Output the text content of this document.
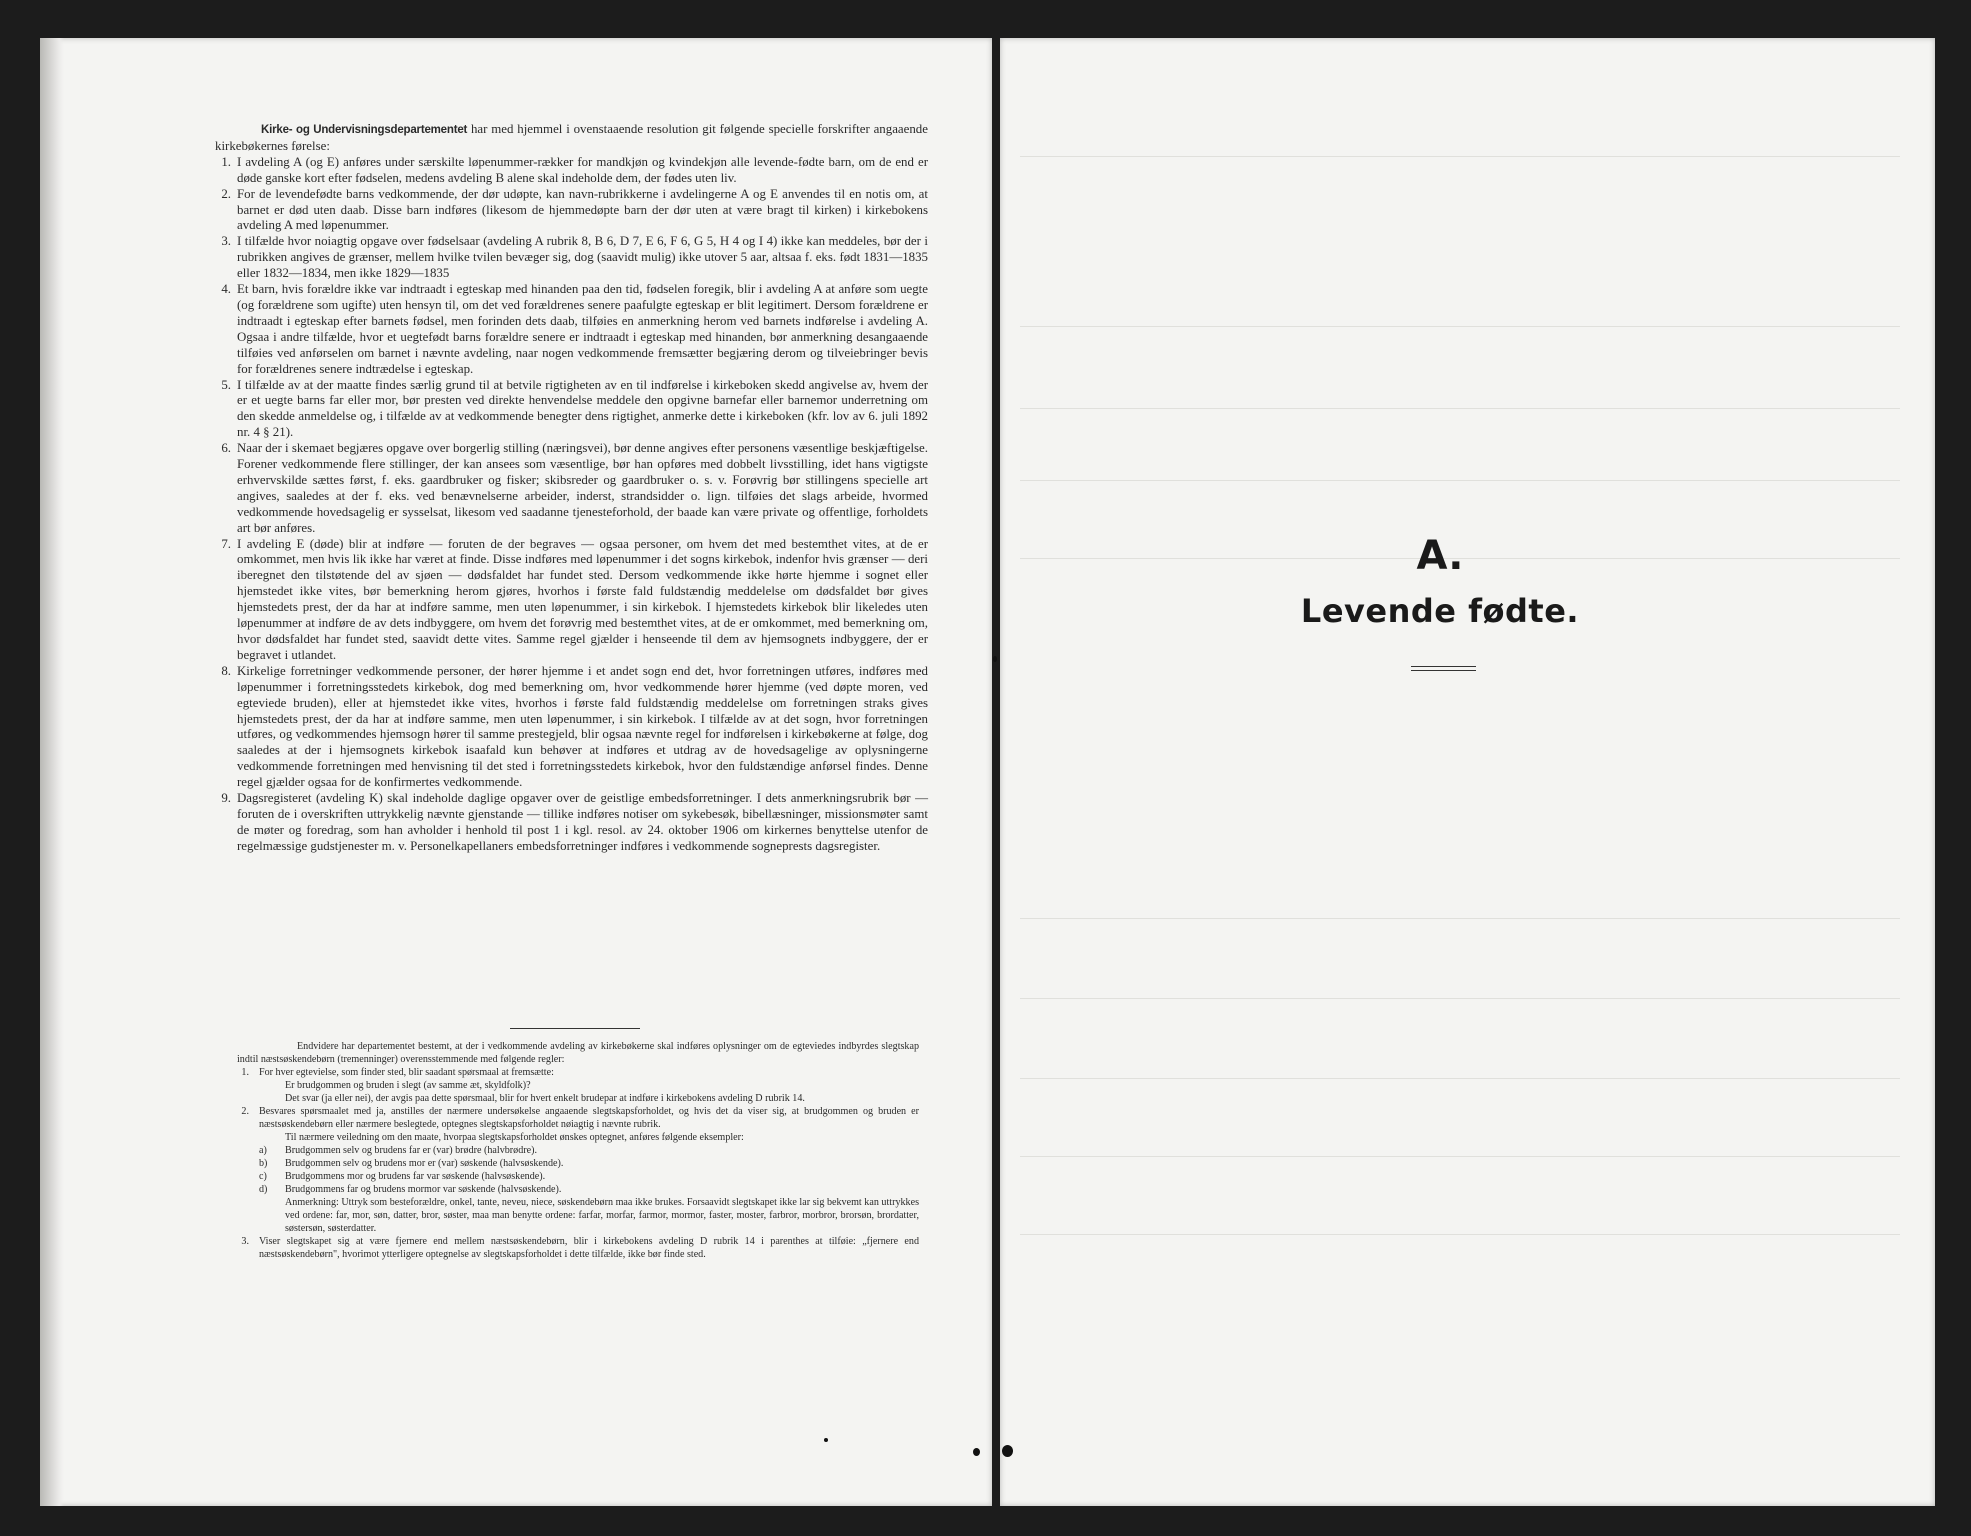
Kirke- og Undervisningsdepartementet har med hjemmel i ovenstaaende resolution git følgende specielle forskrifter angaaende kirkebøkernes førelse:

1. I avdeling A (og E) anføres under særskilte løpenummer-rækker for mandkjøn og kvindekjøn alle levende-fødte barn, om de end er døde ganske kort efter fødselen, medens avdeling B alene skal indeholde dem, der fødes uten liv.

2. For de levendefødte barns vedkommende, der dør udøpte, kan navn-rubrikkerne i avdelingerne A og E anvendes til en notis om, at barnet er død uten daab. Disse barn indføres (likesom de hjemmedøpte barn der dør uten at være bragt til kirken) i kirkebokens avdeling A med løpenummer.

3. I tilfælde hvor noiagtig opgave over fødselsaar (avdeling A rubrik 8, B 6, D 7, E 6, F 6, G 5, H 4 og I 4) ikke kan meddeles, bør der i rubrikken angives de grænser, mellem hvilke tvilen bevæger sig, dog (saavidt mulig) ikke utover 5 aar, altsaa f. eks. født 1831—1835 eller 1832—1834, men ikke 1829—1835

4. Et barn, hvis forældre ikke var indtraadt i egteskap med hinanden paa den tid, fødselen foregik, blir i avdeling A at anføre som uegte (og forældrene som ugifte) uten hensyn til, om det ved forældrenes senere paafulgte egteskap er blit legitimert. Dersom forældrene er indtraadt i egteskap efter barnets fødsel, men forinden dets daab, tilføies en anmerkning herom ved barnets indførelse i avdeling A. Ogsaa i andre tilfælde, hvor et uegtefødt barns forældre senere er indtraadt i egteskap med hinanden, bør anmerkning desangaaende tilføies ved anførselen om barnet i nævnte avdeling, naar nogen vedkommende fremsætter begjæring derom og tilveiebringer bevis for forældrenes senere indtrædelse i egteskap.

5. I tilfælde av at der maatte findes særlig grund til at betvile rigtigheten av en til indførelse i kirkeboken skedd angivelse av, hvem der er et uegte barns far eller mor, bør presten ved direkte henvendelse meddele den opgivne barnefar eller barnemor underretning om den skedde anmeldelse og, i tilfælde av at vedkommende benegter dens rigtighet, anmerke dette i kirkeboken (kfr. lov av 6. juli 1892 nr. 4 § 21).

6. Naar der i skemaet begjæres opgave over borgerlig stilling (næringsvei), bør denne angives efter personens væsentlige beskjæftigelse. Forener vedkommende flere stillinger, der kan ansees som væsentlige, bør han opføres med dobbelt livsstilling, idet hans vigtigste erhvervskilde sættes først, f. eks. gaardbruker og fisker; skibsreder og gaardbruker o. s. v. Forøvrig bør stillingens specielle art angives, saaledes at der f. eks. ved benævnelserne arbeider, inderst, strandsidder o. lign. tilføies det slags arbeide, hvormed vedkommende hovedsagelig er sysselsat, likesom ved saadanne tjenesteforhold, der baade kan være private og offentlige, forholdets art bør anføres.

7. I avdeling E (døde) blir at indføre — foruten de der begraves — ogsaa personer, om hvem det med bestemthet vites, at de er omkommet, men hvis lik ikke har været at finde. Disse indføres med løpenummer i det sogns kirkebok, indenfor hvis grænser — deri iberegnet den tilstøtende del av sjøen — dødsfaldet har fundet sted. Dersom vedkommende ikke hørte hjemme i sognet eller hjemstedet ikke vites, bør bemerkning herom gjøres, hvorhos i første fald fuldstændig meddelelse om dødsfaldet bør gives hjemstedets prest, der da har at indføre samme, men uten løpenummer, i sin kirkebok. I hjemstedets kirkebok blir likeledes uten løpenummer at indføre de av dets indbyggere, om hvem det forøvrig med bestemthet vites, at de er omkommet, med bemerkning om, hvor dødsfaldet har fundet sted, saavidt dette vites. Samme regel gjælder i henseende til dem av hjemsognets indbyggere, der er begravet i utlandet.

8. Kirkelige forretninger vedkommende personer, der hører hjemme i et andet sogn end det, hvor forretningen utføres, indføres med løpenummer i forretningsstedets kirkebok, dog med bemerkning om, hvor vedkommende hører hjemme (ved døpte moren, ved egteviede bruden), eller at hjemstedet ikke vites, hvorhos i første fald fuldstændig meddelelse om forretningen straks gives hjemstedets prest, der da har at indføre samme, men uten løpenummer, i sin kirkebok. I tilfælde av at det sogn, hvor forretningen utføres, og vedkommendes hjemsogn hører til samme prestegjeld, blir ogsaa nævnte regel for indførelsen i kirkebøkerne at følge, dog saaledes at der i hjemsognets kirkebok isaafald kun behøver at indføres et utdrag av de hovedsagelige av oplysningerne vedkommende forretningen med henvisning til det sted i forretningsstedets kirkebok, hvor den fuldstændige anførsel findes. Denne regel gjælder ogsaa for de konfirmertes vedkommende.

9. Dagsregisteret (avdeling K) skal indeholde daglige opgaver over de geistlige embedsforretninger. I dets anmerkningsrubrik bør — foruten de i overskriften uttrykkelig nævnte gjenstande — tillike indføres notiser om sykebesøk, bibellæsninger, missionsmøter samt de møter og foredrag, som han avholder i henhold til post 1 i kgl. resol. av 24. oktober 1906 om kirkernes benyttelse utenfor de regelmæssige gudstjenester m. v. Personelkapellaners embedsforretninger indføres i vedkommende sogneprests dagsregister.

Endvidere har departementet bestemt, at der i vedkommende avdeling av kirkebøkerne skal indføres oplysninger om de egteviedes indbyrdes slegtskap indtil næstsøskendebørn (tremenninger) overensstemmende med følgende regler:

1. For hver egtevielse, som finder sted, blir saadant spørsmaal at fremsætte:
Er brudgommen og bruden i slegt (av samme æt, skyldfolk)?
Det svar (ja eller nei), der avgis paa dette spørsmaal, blir for hvert enkelt brudepar at indføre i kirkebokens avdeling D rubrik 14.
2. Besvares spørsmaalet med ja, anstilles der nærmere undersøkelse angaaende slegtskapsforholdet, og hvis det da viser sig, at brudgommen og bruden er næstsøskendebørn eller nærmere beslegtede, optegnes slegtskapsforholdet nøiagtig i nævnte rubrik.
Til nærmere veiledning om den maate, hvorpaa slegtskapsforholdet ønskes optegnet, anføres følgende eksempler:
a) Brudgommen selv og brudens far er (var) brødre (halvbrødre).
b) Brudgommen selv og brudens mor er (var) søskende (halvsøskende).
c) Brudgommens mor og brudens far var søskende (halvsøskende).
d) Brudgommens far og brudens mormor var søskende (halvsøskende).
Anmerkning: Uttryk som besteforældre, onkel, tante, neveu, niece, søskendebørn maa ikke brukes. Forsaavidt slegtskapet ikke lar sig bekvemt kan uttrykkes ved ordene: far, mor, søn, datter, bror, søster, maa man benytte ordene: farfar, morfar, farmor, mormor, faster, moster, farbror, morbror, brorsøn, brordatter, søstersøn, søsterdatter.
3. Viser slegtskapet sig at være fjernere end mellem næstsøskendebørn, blir i kirkebokens avdeling D rubrik 14 i parenthes at tilføie: „fjernere end næstsøskendebørn", hvorimot ytterligere optegnelse av slegtskapsforholdet i dette tilfælde, ikke bør finde sted.
A.
Levende fødte.
